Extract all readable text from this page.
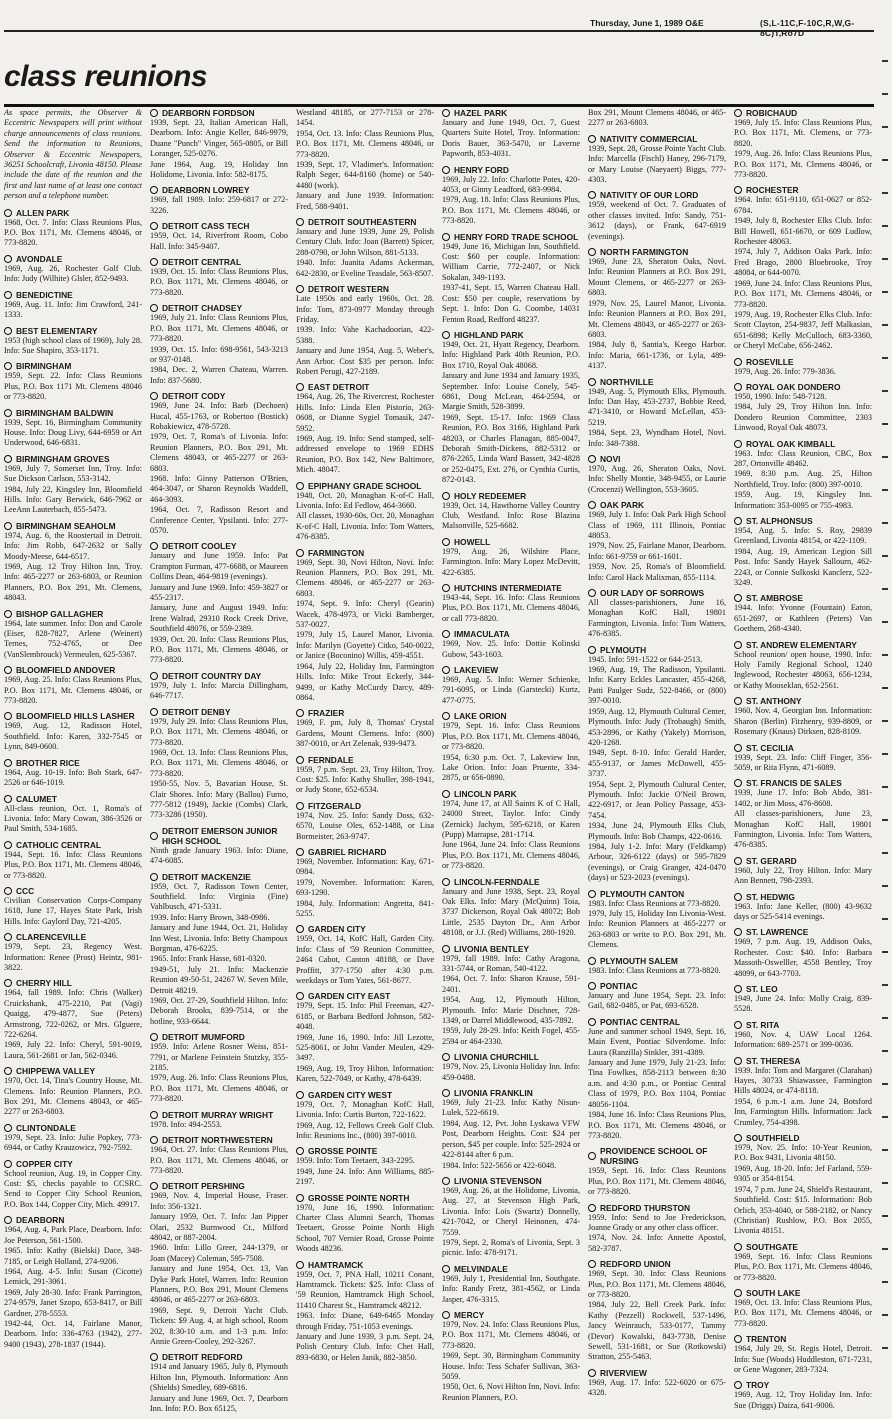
Thursday, June 1, 1989 O&E	(S,L-11C,F-10C,R,W,G-8C)T,Ro7D
class reunions

As space permits, the Observer & Eccentric Newspapers will print without charge announcements of class reunions. Send the information to Reunions, Observer & Eccentric Newspapers, 36251 Schoolcraft, Livonia 48150. Please include the date of the reunion and the first and last name of at least one contact person and a telephone number.

ALLEN PARK

1968, Oct. 7. Info: Class Reunions Plus, P.O. Box 1171, Mt. Clemens 48046, or 773-8820.

AVONDALE

1969, Aug. 26, Rochester Golf Club. Info: Judy (Wilhite) Glsler, 852-9493.

BENEDICTINE

1969, Aug. 11. Info: Jim Crawford, 241-1333.

BEST ELEMENTARY

1953 (high school class of 1969), July 28. Info: Sue Shapiro, 353-1171.

BIRMINGHAM

1959, Sept. 22. Info: Class Reunions Plus, P.O. Box 1171 Mt. Clemens 48046 or 773-8820.

BIRMINGHAM BALDWIN

1939, Sept. 16, Birmingham Community House. Info: Doug Livy, 644-6959 or Art Underwood, 646-6831.

BIRMINGHAM GROVES

1969, July 7, Somerset Inn, Troy. Info: Sue Dickson Carlson, 553-3142.

1984, July 22, Kingsley Inn, Bloomfield Hills. Info: Gary Berwick, 646-7962 or LeeAnn Lauterbach, 855-5473.

BIRMINGHAM SEAHOLM

1974, Aug. 6, the Roostertail in Detroit. Info: Jim Robb, 647-2632 or Sally Moody-Meese, 644-6517.

1969, Aug. 12 Troy Hilton Inn, Troy. Info: 465-2277 or 263-6803, or Reunion Planners, P.O. Box 291, Mt. Clemens, 48043.

BISHOP GALLAGHER

1964, late summer. Info: Don and Carole (Eiser, 828-7827, Arlene (Weinert) Ternes, 752-4765, or Dee (VanSlembrouck) Vermeulen, 625-5367.

BLOOMFIELD ANDOVER

1969, Aug. 25. Info: Class Reunions Plus, P.O. Box 1171, Mt. Clemens 48046, or 773-8820.

BLOOMFIELD HILLS LASHER

1969, Aug. 12, Radisson Hotel, Southfield. Info: Karen, 332-7545 or Lynn, 849-0600.

BROTHER RICE

1964, Aug. 10-19. Info: Bob Stark, 647-2526 or 646-1019.

CALUMET

All-class reunion, Oct. 1, Roma's of Livonia. Info: Mary Cowan, 386-3526 or Paul Smith, 534-1685.

CATHOLIC CENTRAL

1944, Sept. 16. Info: Class Reunions Plus, P.O. Box 1171, Mt. Clemens 48046, or 773-8820.

CCC

Civilian Conservation Corps-Company 1618, June 17, Hayes State Park, Irish Hills. Info: Gaylord Day, 721-4205.

CLARENCEVILLE

1979, Sept. 23, Regency West. Information: Renee (Prost) Heintz, 981-3822.

CHERRY HILL

1964, fall 1989. Info: Chris (Walker) Cruickshank, 475-2210, Pat (Vagi) Quaigg, 479-4877, Sue (Peters) Armstrong, 722-0262, or Mrs. Glguere, 722-6264.

1969, July 22. Info: Cheryl, 591-9019, Laura, 561-2681 or Jan, 562-0346.

CHIPPEWA VALLEY

1970, Oct. 14, Tina's Country House, Mt. Clemens. Info: Reunion Planners, P.O. Box 291, Mt. Clemens 48043, or 465-2277 or 263-6803.

CLINTONDALE

1979, Sept. 23. Info: Julie Popkey, 773-6944, or Cathy Krauzowicz, 792-7592.

COPPER CITY

School reunion, Aug. 19, in Copper City. Cost: $5, checks payable to CCSRC. Send to Copper City School Reunion, P.O. Box 144, Copper City, Mich. 49917.

DEARBORN

1964, Aug. 4, Park Place, Dearborn. Info: Joe Peterson, 561-1500.

1965. Info: Kathy (Bielski) Dace, 348-7185, or Leigh Holland, 274-9206.

1964, Aug. 4-5. Info: Susan (Cicotte) Lemick, 291-3061.

1969, July 28-30. Info: Frank Parrington, 274-9579, Janet Szopo, 653-8417, or Bill Gardner, 278-5553.

1942-44, Oct. 14, Fairlane Manor, Dearborn. Info: 336-4763 (1942), 277-9400 (1943), 278-1837 (1944).

DEARBORN FORDSON

1939, Sept. 23, Italian American Hall, Dearborn. Info: Angie Keller, 846-9979, Duane "Punch" Vinger, 565-0805, or Bill Loranger, 525-0276.

June 1964, Aug. 19, Holiday Inn Holidome, Livonia. Info: 582-8175.

DEARBORN LOWREY

1969, fall 1989. Info: 259-6817 or 272-3226.

DETROIT CASS TECH

1959, Oct. 14, Riverfront Room, Cobo Hall. Info: 345-9407.

DETROIT CENTRAL

1939, Oct. 15. Info: Class Reunions Plus, P.O. Box 1171, Mt. Clemens 48046, or 773-8820.

DETROIT CHADSEY

1969, July 21. Info: Class Reunions Plus, P.O. Box 1171, Mt. Clemens 48046, or 773-8820.

1939, Oct. 15. Info: 698-9561, 543-3213 or 937-0148.

1984, Dec. 2, Warren Chateau, Warren. Info: 837-5680.

DETROIT CODY

1969, June 24. Info: Barb (Dechoen) Hucal, 455-1763, or Robertoo (Bostick) Robakiewicz, 478-5728.

1979, Oct. 7, Roma's of Livonia. Info: Reunion Planners, P.O. Box 291, Mt. Clemens 48043, or 465-2277 or 263-6803.

1968. Info: Ginny Patterson O'Brien, 464-3047, or Sharon Reynolds Waddell, 464-3093.

1964, Oct. 7, Radisson Resort and Conference Center, Ypsilanti. Info: 277-0570.

DETROIT COOLEY

January and June 1959. Info: Pat Crampton Furman, 477-6688, or Maureen Collins Dean, 464-9819 (evenings).

January and June 1969. Info: 459-3827 or 455-2317.

January, June and August 1949. Info: Irene Walrad, 29310 Rock Creek Drive, Southfield 48076, or 559-2389.

1939, Oct. 20. Info: Class Reunions Plus, P.O. Box 1171, Mt. Clemens 48046, or 773-8820.

DETROIT COUNTRY DAY

1979, July 1. Info: Marcia Dillingham, 646-7717.

DETROIT DENBY

1979, July 29. Info: Class Reunions Plus, P.O. Box 1171, Mt. Clemens 48046, or 773-8820.

1969, Oct. 13. Info: Class Reunions Plus, P.O. Box 1171, Mt. Clemens 48046, or 773-8820.

1950-55, Nov. 5, Bavarian House, St. Clair Shores. Info: Mary (Ballou) Furno, 777-5812 (1949), Jackie (Combs) Clark, 773-3286 (1950).

DETROIT EMERSON JUNIOR HIGH SCHOOL

Ninth grade January 1963. Info: Diane, 474-6085.

DETROIT MACKENZIE

1959, Oct. 7, Radisson Town Center, Southfield. Info: Virginia (Fine) Vahlbusch, 471-5331.

1939. Info: Harry Brown, 348-0986.

January and June 1944, Oct. 21, Holiday Inn West, Livonia. Info: Betty Champoux Borgman, 476-6225.

1965. Info: Frank Hasse, 681-0320.

1949-51, July 21. Info: Mackenzie Reunion 49-50-51, 24267 W. Seven Mile, Detroit 48219.

1969, Oct. 27-29, Southfield Hilton. Info: Deborah Brooks, 839-7514, or the hotline, 933-6644.

DETROIT MUMFORD

1959. Info: Arlene Rosner Weiss, 851-7791, or Marlene Feinstein Stutzky, 355-2185.

1979, Aug. 26. Info: Class Reunions Plus, P.O. Box 1171, Mt. Clemens 48046, or 773-8820.

DETROIT MURRAY WRIGHT

1978. Info: 494-2553.

DETROIT NORTHWESTERN

1964, Oct. 27. Info: Class Reunions Plus, P.O. Box 1171, Mt. Clemens 48046, or 773-8820.

DETROIT PERSHING

1969, Nov. 4, Imperial House, Fraser. Info: 356-1321.

January 1959, Oct. 7. Info: Jan Pipper Olari, 2532 Burnwood Ct., Milford 48042, or 887-2004.

1960. Info: Lillo Greer, 244-1379, or Joan (Macey) Coleman, 595-7508.

January and June 1954, Oct. 13, Van Dyke Park Hotel, Warren. Info: Reunion Planners, P.O. Box 291, Mount Clemens 48046, or 465-2277 or 263-6803.

1969, Sept. 9, Detroit Yacht Club. Tickets: $9 Aug. 4, at high school, Room 202, 8:30-10 a.m. and 1-3 p.m. Info: Annie Green-Cooley, 292-3267.

DETROIT REDFORD

1914 and January 1965, July 8, Plymouth Hilton Inn, Plymouth. Information: Ann (Shields) Smedley, 689-6816.

January and June 1969, Oct. 7, Dearborn Inn. Info: P.O. Box 65125,

Westland 48185, or 277-7153 or 278-1454.

1954, Oct. 13. Info: Class Reunions Plus, P.O. Box 1171, Mt. Clemens 48046, or 773-8820.

1939, Sept. 17, Vladimer's. Information: Ralph Seger, 644-8160 (home) or 540-4480 (work).

January and June 1939. Information: Fred, 588-9401.

DETROIT SOUTHEASTERN

January and June 1939, June 29, Polish Century Club. Info: Joan (Barrett) Spicer, 288-0790, or John Wilson, 881-5133.

1940. Info: Juanita Adams Ackerman, 642-2830, or Eveline Teasdale, 563-8507.

DETROIT WESTERN

Late 1950s and early 1960s, Oct. 28. Info: Tom, 873-0977 Monday through Friday.

1939. Info: Vahe Kachadoorian, 422-5388.

January and June 1954, Aug. 5, Weber's, Ann Arbor. Cost $35 per person. Info: Robert Perugi, 427-2189.

EAST DETROIT

1964, Aug. 26, The Rivercrest, Rochester Hills. Info: Linda Elen Pistorio, 263-0608, or Dianne Sygiel Tomasik, 247-5952.

1969, Aug. 19. Info: Send stamped, self-addressed envelope to 1969 EDHS Reunion, P.O. Box 142, New Baltimore, Mich. 48047.

EPIPHANY GRADE SCHOOL

1948, Oct. 20, Monaghan K-of-C Hall, Livonia. Info: Ed Fedlow, 464-3660.

All classes, 1930-60s, Oct. 20, Monaghan K-of-C Hall, Livonia. Info: Tom Watters, 476-8385.

FARMINGTON

1969, Sept. 30, Novi Hilton, Novi. Info: Reunion Planners, P.O. Box 291, Mt. Clemens 48046, or 465-2277 or 263-6803.

1974, Sept. 9. Info: Cheryl (Gearin) Wacek, 478-4973, or Vicki Bamberger, 537-0027.

1979, July 15, Laurel Manor, Livonia. Info: Marilyn (Goyette) Citko, 540-0022, or Janice (Boconino) Willis, 459-4551.

1964, July 22, Holiday Inn, Farmington Hills. Info: Mike Trout Eckerly, 344-9499, or Kathy McCurdy Darcy, 489-0864.

FRAZIER

1969, F. pm, July 8, Thomas' Crystal Gardens, Mount Clemens. Info: (800) 387-0010, or Art Zelenak, 939-9473.

FERNDALE

1959, 7 p.m. Sept. 23, Troy Hilton, Troy. Cost: $25. Info: Kathy Shuller, 398-1941, or Judy Stone, 652-6534.

FITZGERALD

1974, Nov. 25. Info: Sandy Doss, 632-6570, Louise Oles, 652-1488, or Lisa Bormeister, 263-9747.

GABRIEL RICHARD

1969, November. Information: Kay, 671-0984.

1979, November. Information: Karen, 693-1290.

1984, July. Information: Angretta, 841-5255.

GARDEN CITY

1959, Oct. 14, KofC Hall, Garden City. Info: Class of '59 Reunion Committee, 2464 Cabot, Canton 48188, or Dave Proffitt, 377-1750 after 4:30 p.m. weekdays or Tom Yates, 561-8677.

GARDEN CITY EAST

1979, Sept. 15. Info: Phil Freeman, 427-6185, or Barbara Bedford Johnson, 582-4048.

1969, June 16, 1990. Info: Jill Lezotte, 525-8061, or John Vander Meulen, 429-3497.

1969, Aug. 19, Troy Hilton. Information: Karen, 522-7049, or Kathy, 478-6439.

GARDEN CITY WEST

1979, Oct. 7, Monaghan KofC Hall, Livonia. Info: Curtis Burton, 722-1622.

1969, Aug. 12, Fellows Creek Golf Club. Info: Reunions Inc., (800) 397-0010.

GROSSE POINTE

1959. Info: Tom Teetaert, 343-2295.

1949, June 24. Info: Ann Williams, 885-2197.

GROSSE POINTE NORTH

1970, June 16, 1990. Information: Charter Class Alumni Search, Thomas Teetaert, Grosse Pointe North High School, 707 Vernier Road, Grosse Pointe Woods 48236.

HAMTRAMCK

1959, Oct. 7, PNA Hall, 10211 Conant, Hamtramck. Tickets: $25. Info: Class of '59 Reunion, Hamtramck High School, 11410 Charest St., Hamtramck 48212.

1963. Info: Diane, 649-6465 Monday through Friday, 751-1053 evenings.

January and June 1939, 3 p.m. Sept. 24, Polish Century Club. Info: Chet Hall, 893-6830, or Helen Janik, 882-3850.

HAZEL PARK

January and June 1949, Oct. 7, Guest Quarters Suite Hotel, Troy. Information: Doris Bauer, 363-5470, or Laverne Papworth, 853-4031.

HENRY FORD

1969, July 22. Info: Charlotte Potes, 420-4053, or Ginny Leadford, 683-9984.

1979, Aug. 18. Info: Class Reunions Plus, P.O. Box 1171, Mt. Clemens 48046, or 773-8820.

HENRY FORD TRADE SCHOOL

1949, June 16, Michigan Inn, Southfield. Cost: $60 per couple. Information: William Carrie, 772-2407, or Nick Sokalan, 349-1193.

1937-41, Sept. 15, Warren Chateau Hall. Cost: $50 per couple, reservations by Sept. 1. Info: Don G. Coombe, 14031 Fenton Road, Redford 48237.

HIGHLAND PARK

1949, Oct. 21, Hyatt Regency, Dearborn. Info: Highland Park 40th Reunion, P.O. Box 1710, Royal Oak 48068.

January and June 1934 and January 1935, September. Info: Louise Conely, 545-6861, Doug McLean, 464-2594, or Margie Smith, 528-3899.

1969, Sept. 15-17. Info: 1969 Class Reunion, P.O. Box 3166, Highland Park 48203, or Charles Flanagan, 885-0047, Deborah Smith-Dickens, 882-5312 or 876-2265, Linda Ward Bassett, 342-4828 or 252-0475, Ext. 276, or Cynthia Curtis, 872-0143.

HOLY REDEEMER

1939, Oct. 14, Hawthorne Valley Country Club, Westland. Info: Rose Blazina Malsonville, 525-6682.

HOWELL

1979, Aug. 26, Wilshire Place, Farmington. Info: Mary Lopez McDevitt, 422-6385.

HUTCHINS INTERMEDIATE

1943-44, Sept. 16. Info: Class Reunions Plus, P.O. Box 1171, Mt. Clemens 48046, or call 773-8820.

IMMACULATA

1969, Nov. 25. Info: Dottie Kolinski Gubow, 543-1603.

LAKEVIEW

1969, Aug. 5. Info: Werner Schienke, 791-6095, or Linda (Garstecki) Kurtz, 477-0775.

LAKE ORION

1979, Sept. 16. Info: Class Reunions Plus, P.O. Box 1171, Mt. Clemens 48046, or 773-8820.

1954, 6:30 p.m. Oct. 7, Lakeview Inn, Lake Orion. Info: Joan Pruente, 334-2875, or 656-0890.

LINCOLN PARK

1974, June 17, at All Saints K of C Hall, 24000 Street, Taylor. Info: Cindy (Zernick) Jachym, 595-6218, or Karen (Pupp) Marrapse, 281-1714.

June 1964, June 24. Info: Class Reunions Plus, P.O. Box 1171, Mt. Clemens 48046, or 773-8820.

LINCOLN-FERNDALE

January and June 1938, Sept. 23, Royal Oak Elks. Info: Mary (McQuinn) Toia, 3737 Dickerson, Royal Oak 48072; Bob Little, 2535 Dayton Dr., Ann Arbor 48108, or J.J. (Red) Williams, 280-1920.

LIVONIA BENTLEY

1979, fall 1989. Info: Cathy Aragona, 331-5744, or Roman, 540-4122.

1964, Oct. 7. Info: Sharon Krause, 591-2401.

1954, Aug. 12, Plymouth Hilton, Plymouth. Info: Marie Dischner, 728-1349, or Darrel Middlewood, 435-7892.

1959, July 28-29. Info: Keith Fogel, 455-2594 or 464-2330.

LIVONIA CHURCHILL

1979, Nov. 25, Livonia Holiday Inn. Info: 459-0488.

LIVONIA FRANKLIN

1969, July 21-23. Info: Kathy Nisun-Lulek, 522-6619.

1984, Aug. 12, Pvt. John Lyskawa VFW Post, Dearborn Heights. Cost: $24 per person, $45 per couple. Info: 525-2924 or 422-8144 after 6 p.m.

1984. Info: 522-5656 or 422-6048.

LIVONIA STEVENSON

1969, Aug. 26, at the Holidome, Livonia, Aug. 27, at Stevenson High Park, Livonia. Info: Lois (Swartz) Donnelly, 421-7042, or Cheryl Heinonen, 474-7559.

1979, Sept. 2, Roma's of Livonia, Sept. 3 picnic. Info: 478-9171.

MELVINDALE

1969, July 1, Presidential Inn, Southgate. Info: Randy Fretz, 381-4562, or Linda Jasper, 476-3315.

MERCY

1979, Nov. 24. Info: Class Reunions Plus, P.O. Box 1171, Mt. Clemens 48046, or 773-8820.

1969, Sept. 30, Birmingham Community House. Info: Tess Schafer Sullivan, 363-5059.

1950, Oct. 6, Novi Hilton Inn, Novi. Info: Reunion Planners, P.O.

Box 291, Mount Clemens 48046, or 465-2277 or 263-6803.

NATIVITY COMMERCIAL

1939, Sept. 28, Grosse Pointe Yacht Club. Info: Marcella (Fischl) Haney, 296-7179, or Mary Louise (Naeyaert) Biggs, 777-4303.

NATIVITY OF OUR LORD

1959, weekend of Oct. 7. Graduates of other classes invited. Info: Sandy, 751-3612 (days), or Frank, 647-6919 (evenings).

NORTH FARMINGTON

1969, June 23, Sheraton Oaks, Novi. Info: Reunion Planners at P.O. Box 291, Mount Clemens, or 465-2277 or 263-6803.

1979, Nov. 25, Laurel Manor, Livonia. Info: Reunion Planners at P.O. Box 291, Mt. Clemens 48043, or 465-2277 or 263-6803.

1984, July 8, Santia's, Keego Harbor. Info: Maria, 661-1736, or Lyla, 489-4137.

NORTHVILLE

1949, Aug. 5, Plymouth Elks, Plymouth. Info: Dan Hay, 453-2737, Bobbie Reed, 471-3410, or Howard McLellan, 453-5219.

1984, Sept. 23, Wyndham Hotel, Novi. Info: 348-7388.

NOVI

1970, Aug. 26, Sheraton Oaks, Novi. Info: Shelly Montie, 348-9455, or Laurie (Crocenzi) Wellington, 553-3605.

OAK PARK

1969, July 1. Info: Oak Park High School Class of 1969, 111 Illinois, Pontiac 48053.

1979, Nov. 25, Fairlane Manor, Dearborn. Info: 661-9759 or 661-1601.

1959, Nov. 25, Roma's of Bloomfield. Info: Carol Hack Malixman, 855-1114.

OUR LADY OF SORROWS

All classes-parishioners, June 16, Monaghan KofC Hall, 19801 Farmington, Livonia. Info: Tom Watters, 476-8385.

PLYMOUTH

1945. Info: 591-1522 or 644-2513.

1969, Aug. 19, The Radisson, Ypsilanti. Info: Karry Eckles Lancaster, 455-4268, Patti Paulger Sudz, 522-8466, or (800) 397-0010.

1959, Aug. 12, Plymouth Cultural Center, Plymouth. Info: Judy (Trobaugh) Smith, 453-2896, or Kathy (Yakely) Morrison, 420-1268.

1949, Sept. 8-10. Info: Gerald Harder, 455-9137, or James McDowell, 455-3737.

1954, Sept. 2, Plymouth Cultural Center, Plymouth. Info: Jackie O'Neil Brown, 422-6917, or Jean Policy Passage, 453-7454.

1934, June 24, Plymouth Elks Club, Plymouth. Info: Bob Champs, 422-0616.

1984, July 1-2. Info: Mary (Feldkamp) Arbour, 326-6122 (days) or 595-7829 (evenings), or Craig Granger, 424-0470 (days) or 523-2023 (evenings).

PLYMOUTH CANTON

1983. Info: Class Reunions at 773-8820.

1979, July 15, Holiday Inn Livonia-West. Info: Reunion Planners at 465-2277 or 263-6803 or write to P.O. Box 291, Mt. Clemens.

PLYMOUTH SALEM

1983. Info: Class Reunions at 773-8820.

PONTIAC

January and June 1954, Sept. 23. Info: Gail, 682-0485, or Pat, 693-6528.

PONTIAC CENTRAL

June and summer school 1949, Sept. 16, Main Event, Pontiac Silverdome. Info: Laura (Ranzilla) Sinkler, 391-4389.

January and June 1979, July 21-23. Info: Tina Fowlkes, 858-2113 between 8:30 a.m. and 4:30 p.m., or Pontiac Central Class of 1979, P.O. Box 1104, Pontiac 48056-1104.

1984, June 16. Info: Class Reunions Plus, P.O. Box 1171, Mt. Clemens 48046, or 773-8820.

PROVIDENCE SCHOOL OF NURSING

1959, Sept. 16. Info: Class Reunions Plus, P.O. Box 1171, Mt. Clemens 48046, or 773-8820.

REDFORD THURSTON

1959. Info: Send to Joe Frederickson, Joanne Grady or any other class officer.

1974, Nov. 24. Info: Annette Apostol, 582-3787.

REDFORD UNION

1969, Sept. 30. Info: Class Reunions Plus, P.O. Box 1171, Mt. Clemens 48046, or 773-8820.

1984, July 22, Bell Creek Park. Info: Kathy (Pezzell) Rockwell, 537-1496, Jancy Weinrauch, 533-0177, Tammy (Devor) Kowalski, 843-7738, Denise Sewell, 531-1681, or Sue (Rotkowski) Stratton, 255-5463.

RIVERVIEW

1969, Aug. 17. Info: 522-6020 or 675-4328.

ROBICHAUD

1969, July 15. Info: Class Reunions Plus, P.O. Box 1171, Mt. Clemens, or 773-8820.

1979, Aug. 26. Info: Class Reunions Plus, P.O. Box 1171, Mt. Clemens 48046, or 773-8820.

ROCHESTER

1964. Info: 651-9110, 651-0627 or 852-6784.

1949, July 8, Rochester Elks Club. Info: Bill Howell, 651-6670, or 609 Ludlow, Rochester 48063.

1974, July 7, Addison Oaks Park. Info: Fred Brago, 2800 Bloebrooke, Troy 48084, or 644-0070.

1969, June 24. Info: Class Reunions Plus, P.O. Box 1171, Mt. Clemens 48046, or 773-8820.

1979, Aug. 19, Rochester Elks Club. Info: Scott Clayton, 254-9837, Jeff Malkasian, 651-6898; Kelly McCulloch, 683-3360, or Cheryl McCabe, 656-2462.

ROSEVILLE

1979, Aug. 26. Info: 779-3836.

ROYAL OAK DONDERO

1950, 1990. Info: 548-7128.

1984, July 29, Troy Hilton Inn. Info: Dondero Reunion Committee, 2303 Linwood, Royal Oak 48073.

ROYAL OAK KIMBALL

1963. Info: Class Reunion, CBC, Box 287, Ortonville 48462.

1969, 8:30 p.m. Aug. 25, Hilton Northfield, Troy. Info: (800) 397-0010.

1959, Aug. 19, Kingsley Inn. Information: 353-0095 or 755-4983.

ST. ALPHONSUS

1954, Aug. 5. Info: S. Roy, 29839 Greenland, Livonia 48154, or 422-1109.

1984, Aug. 19, American Legion Sill Post. Info: Sandy Hayek Sallourn, 462-2243, or Connie Sulkoski Kanclerz, 522-3249.

ST. AMBROSE

1944. Info: Yvonne (Fountain) Eaton, 651-2697, or Kathleen (Peters) Van Goethem, 268-4340.

ST. ANDREW ELEMENTARY

School reunion/ open house, 1990. Info: Holy Family Regional School, 1240 Inglewood, Rochester 48063, 656-1234, or Kathy Mooseklan, 652-2561.

ST. ANTHONY

1960, Nov. 4, Georgian Inn. Information: Sharon (Berlin) Fitzhenry, 939-8809, or Rosemary (Knaus) Dirksen, 828-8109.

ST. CECILIA

1939, Sept. 23. Info: Cliff Finger, 356-5059, or Rita Flynn, 471-6089.

ST. FRANCIS DE SALES

1939, June 17. Info: Bob Abdo, 381-1402, or Jim Moss, 476-8608.

All classes-parishioners, June 23, Monaghan KofC Hall, 19801 Farmington, Livonia. Info: Tom Watters, 476-8385.

ST. GERARD

1960, July 22, Troy Hilton. Info: Mary Ann Bennett, 798-2393.

ST. HEDWIG

1963. Info: Jane Keller, (800) 43-9632 days or 525-5414 evenings.

ST. LAWRENCE

1969, 7 p.m. Aug. 19, Addison Oaks, Rochester. Cost: $40. Info: Barbara Massoth-Oswelller, 4558 Bentley, Troy 48099, or 643-7703.

ST. LEO

1949, June 24. Info: Molly Craig, 839-5528.

ST. RITA

1960, Nov. 4, UAW Local 1264. Information: 689-2571 or 399-0036.

ST. THERESA

1939. Info: Tom and Margaret (Clarahan) Hayes, 30733 Shiawassee, Farmington Hills 48024, or 474-8118.

1954, 6 p.m.-1 a.m. June 24, Botsford Inn, Farmington Hills. Information: Jack Crumley, 754-4398.

SOUTHFIELD

1979, Nov. 25. Info: 10-Year Reunion, P.O. Box 9431, Livonia 48150.

1969, Aug. 18-20. Info: Jef Farland, 559-9305 or 354-8154.

1974, 7 p.m. June 24, Shield's Restaurant, Southfield. Cost: $15. Information: Bob Orlich, 353-4040, or 588-2182, or Nancy (Christian) Rushlow, P.O. Box 2055, Livonia 48151.

SOUTHGATE

1969, Sept. 16. Info: Class Reunions Plus, P.O. Box 1171, Mt. Clemens 48046, or 773-8820.

SOUTH LAKE

1969, Oct. 13. Info: Class Reunions Plus, P.O. Box 1171, Mt. Clemens 48046, or 773-8820.

TRENTON

1964, July 29, St. Regis Hotel, Detroit. Info: Sue (Woods) Huddleston, 671-7231, or Gene Wagoner, 283-7324.

TROY

1969, Aug. 12, Troy Holiday Inn. Info: Sue (Driggs) Daiza, 641-9006.
